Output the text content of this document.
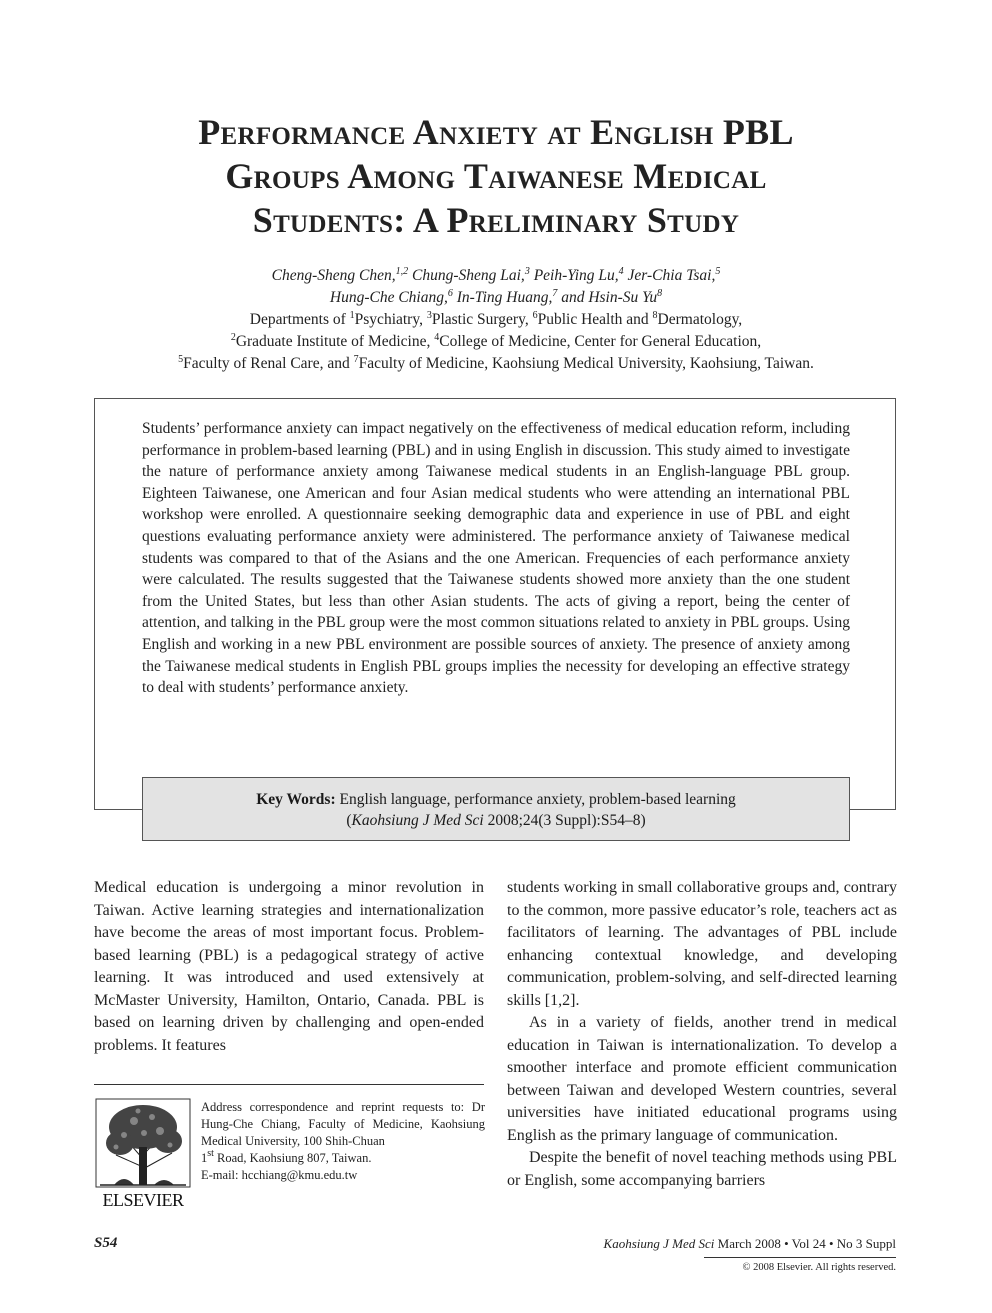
Performance Anxiety at English PBL
Groups Among Taiwanese Medical
Students: A Preliminary Study
Cheng-Sheng Chen,$^{1,2}$ Chung-Sheng Lai,$^3$ Peih-Ying Lu,$^4$ Jer-Chia Tsai,$^5$
Hung-Che Chiang,$^6$ In-Ting Huang,$^7$ and Hsin-Su Yu$^8$
Departments of $^1$Psychiatry, $^3$Plastic Surgery, $^6$Public Health and $^8$Dermatology,
$^2$Graduate Institute of Medicine, $^4$College of Medicine, Center for General Education,
$^5$Faculty of Renal Care, and $^7$Faculty of Medicine, Kaohsiung Medical University, Kaohsiung, Taiwan.
Students’ performance anxiety can impact negatively on the effectiveness of medical education reform, including performance in problem-based learning (PBL) and in using English in discussion. This study aimed to investigate the nature of performance anxiety among Taiwanese medical students in an English-language PBL group. Eighteen Taiwanese, one American and four Asian medical students who were attending an international PBL workshop were enrolled. A questionnaire seeking demographic data and experience in use of PBL and eight questions evaluating performance anxiety were administered. The performance anxiety of Taiwanese medical students was compared to that of the Asians and the one American. Frequencies of each performance anxiety were calculated. The results suggested that the Taiwanese students showed more anxiety than the one student from the United States, but less than other Asian students. The acts of giving a report, being the center of attention, and talking in the PBL group were the most common situations related to anxiety in PBL groups. Using English and working in a new PBL environment are possible sources of anxiety. The presence of anxiety among the Taiwanese medical students in English PBL groups implies the necessity for developing an effective strategy to deal with students’ performance anxiety.
Key Words: English language, performance anxiety, problem-based learning
(Kaohsiung J Med Sci 2008;24(3 Suppl):S54–8)

Medical education is undergoing a minor revolution in Taiwan. Active learning strategies and internationalization have become the areas of most important focus. Problem-based learning (PBL) is a pedagogical strategy of active learning. It was introduced and used extensively at McMaster University, Hamilton, Ontario, Canada. PBL is based on learning driven by challenging and open-ended problems. It features

students working in small collaborative groups and, contrary to the common, more passive educator’s role, teachers act as facilitators of learning. The advantages of PBL include enhancing contextual knowledge, and developing communication, problem-solving, and self-directed learning skills [1,2].

As in a variety of fields, another trend in medical education in Taiwan is internationalization. To develop a smoother interface and promote efficient communication between Taiwan and developed Western countries, several universities have initiated educational programs using English as the primary language of communication.

Despite the benefit of novel teaching methods using PBL or English, some accompanying barriers

ELSEVIER
Address correspondence and reprint requests to: Dr Hung-Che Chiang, Faculty of Medicine, Kaohsiung Medical University, 100 Shih-Chuan
1st Road, Kaohsiung 807, Taiwan.
E-mail: hcchiang@kmu.edu.tw
S54	Kaohsiung J Med Sci March 2008 • Vol 24 • No 3 Suppl
© 2008 Elsevier. All rights reserved.
